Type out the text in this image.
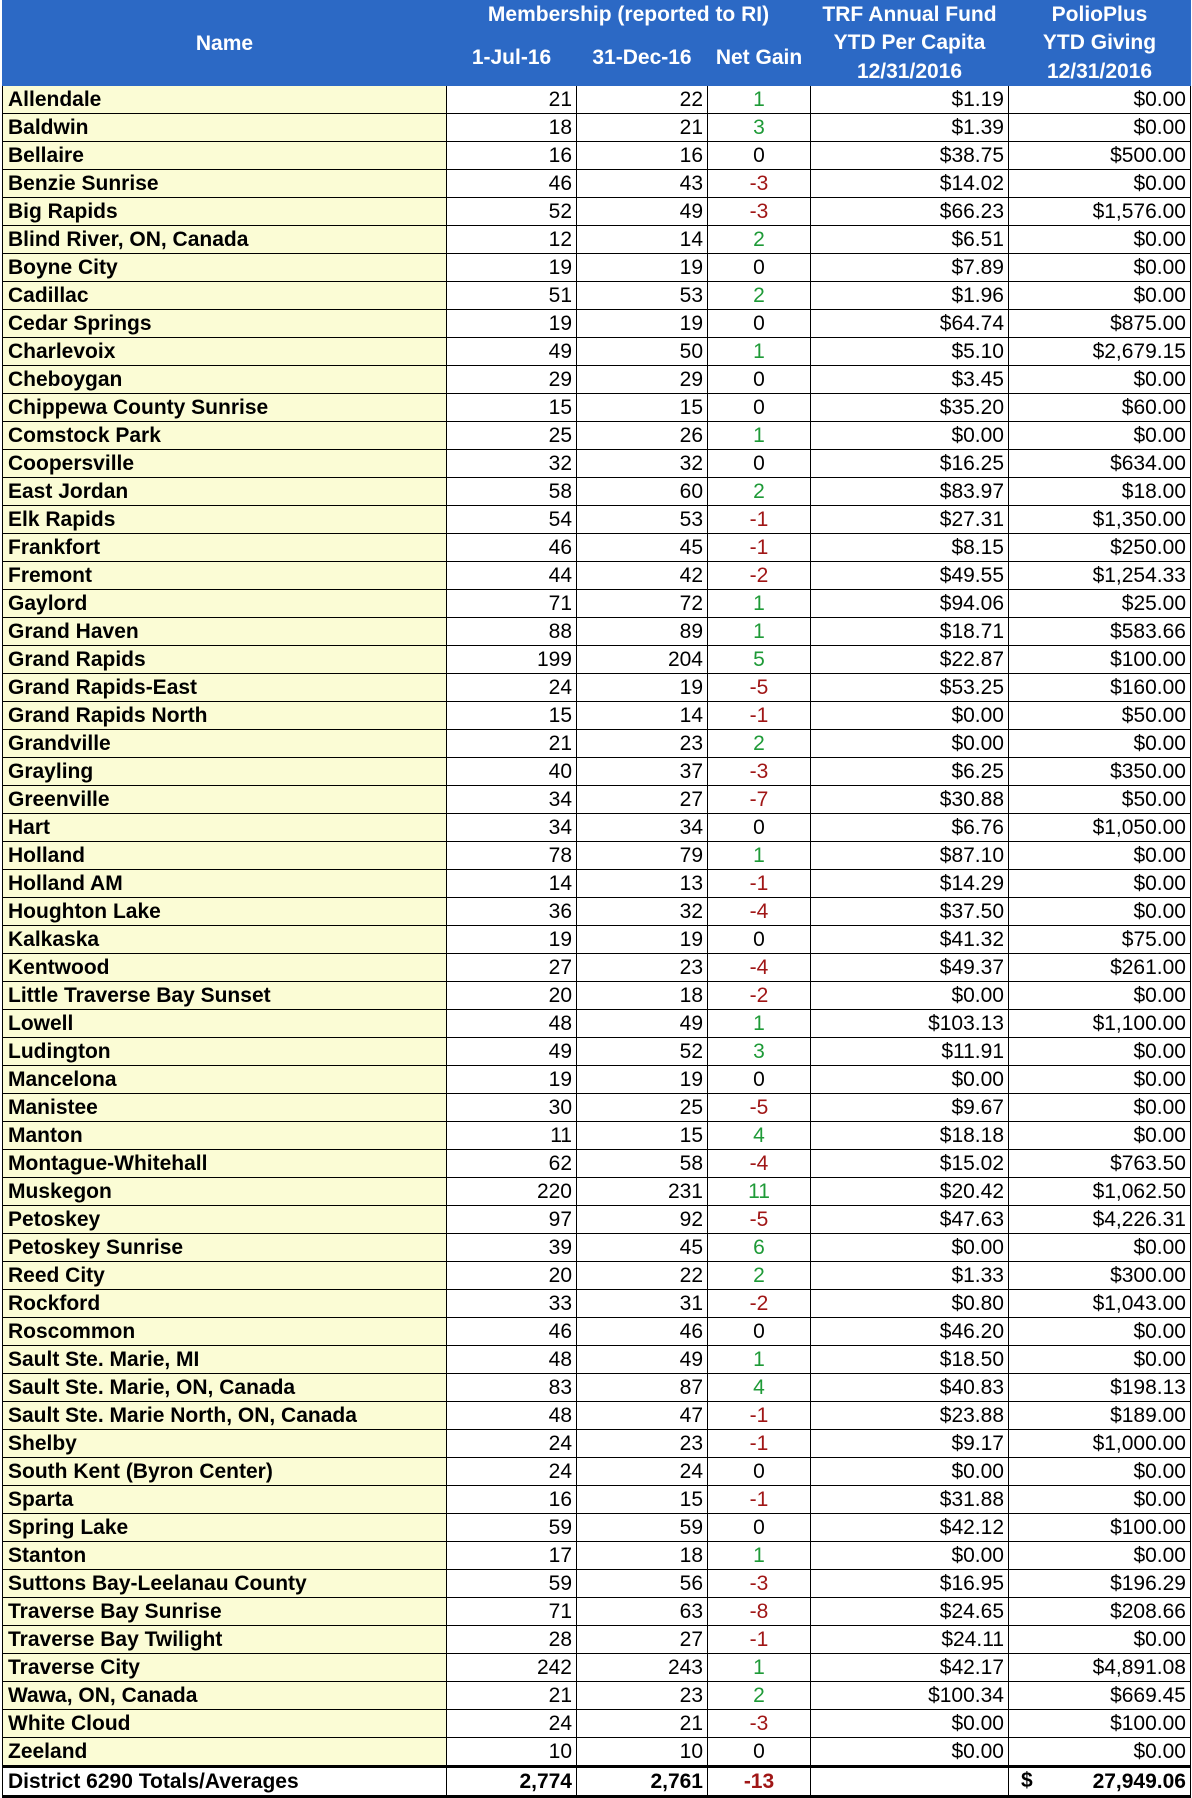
Name	Membership (reported to RI)			TRF Annual Fund	PolioPlus
	1-Jul-16	31-Dec-16	Net Gain	YTD Per Capita	YTD Giving
				12/31/2016	12/31/2016
Allendale	21	22	1	$1.19	$0.00
Baldwin	18	21	3	$1.39	$0.00
Bellaire	16	16	0	$38.75	$500.00
Benzie Sunrise	46	43	-3	$14.02	$0.00
Big Rapids	52	49	-3	$66.23	$1,576.00
Blind River, ON, Canada	12	14	2	$6.51	$0.00
Boyne City	19	19	0	$7.89	$0.00
Cadillac	51	53	2	$1.96	$0.00
Cedar Springs	19	19	0	$64.74	$875.00
Charlevoix	49	50	1	$5.10	$2,679.15
Cheboygan	29	29	0	$3.45	$0.00
Chippewa County Sunrise	15	15	0	$35.20	$60.00
Comstock Park	25	26	1	$0.00	$0.00
Coopersville	32	32	0	$16.25	$634.00
East Jordan	58	60	2	$83.97	$18.00
Elk Rapids	54	53	-1	$27.31	$1,350.00
Frankfort	46	45	-1	$8.15	$250.00
Fremont	44	42	-2	$49.55	$1,254.33
Gaylord	71	72	1	$94.06	$25.00
Grand Haven	88	89	1	$18.71	$583.66
Grand Rapids	199	204	5	$22.87	$100.00
Grand Rapids-East	24	19	-5	$53.25	$160.00
Grand Rapids North	15	14	-1	$0.00	$50.00
Grandville	21	23	2	$0.00	$0.00
Grayling	40	37	-3	$6.25	$350.00
Greenville	34	27	-7	$30.88	$50.00
Hart	34	34	0	$6.76	$1,050.00
Holland	78	79	1	$87.10	$0.00
Holland AM	14	13	-1	$14.29	$0.00
Houghton Lake	36	32	-4	$37.50	$0.00
Kalkaska	19	19	0	$41.32	$75.00
Kentwood	27	23	-4	$49.37	$261.00
Little Traverse Bay Sunset	20	18	-2	$0.00	$0.00
Lowell	48	49	1	$103.13	$1,100.00
Ludington	49	52	3	$11.91	$0.00
Mancelona	19	19	0	$0.00	$0.00
Manistee	30	25	-5	$9.67	$0.00
Manton	11	15	4	$18.18	$0.00
Montague-Whitehall	62	58	-4	$15.02	$763.50
Muskegon	220	231	11	$20.42	$1,062.50
Petoskey	97	92	-5	$47.63	$4,226.31
Petoskey Sunrise	39	45	6	$0.00	$0.00
Reed City	20	22	2	$1.33	$300.00
Rockford	33	31	-2	$0.80	$1,043.00
Roscommon	46	46	0	$46.20	$0.00
Sault Ste. Marie, MI	48	49	1	$18.50	$0.00
Sault Ste. Marie, ON, Canada	83	87	4	$40.83	$198.13
Sault Ste. Marie North, ON, Canada	48	47	-1	$23.88	$189.00
Shelby	24	23	-1	$9.17	$1,000.00
South Kent (Byron Center)	24	24	0	$0.00	$0.00
Sparta	16	15	-1	$31.88	$0.00
Spring Lake	59	59	0	$42.12	$100.00
Stanton	17	18	1	$0.00	$0.00
Suttons Bay-Leelanau County	59	56	-3	$16.95	$196.29
Traverse Bay Sunrise	71	63	-8	$24.65	$208.66
Traverse Bay Twilight	28	27	-1	$24.11	$0.00
Traverse City	242	243	1	$42.17	$4,891.08
Wawa, ON, Canada	21	23	2	$100.34	$669.45
White Cloud	24	21	-3	$0.00	$100.00
Zeeland	10	10	0	$0.00	$0.00
District 6290 Totals/Averages	2,774	2,761	-13		$ 27,949.06
